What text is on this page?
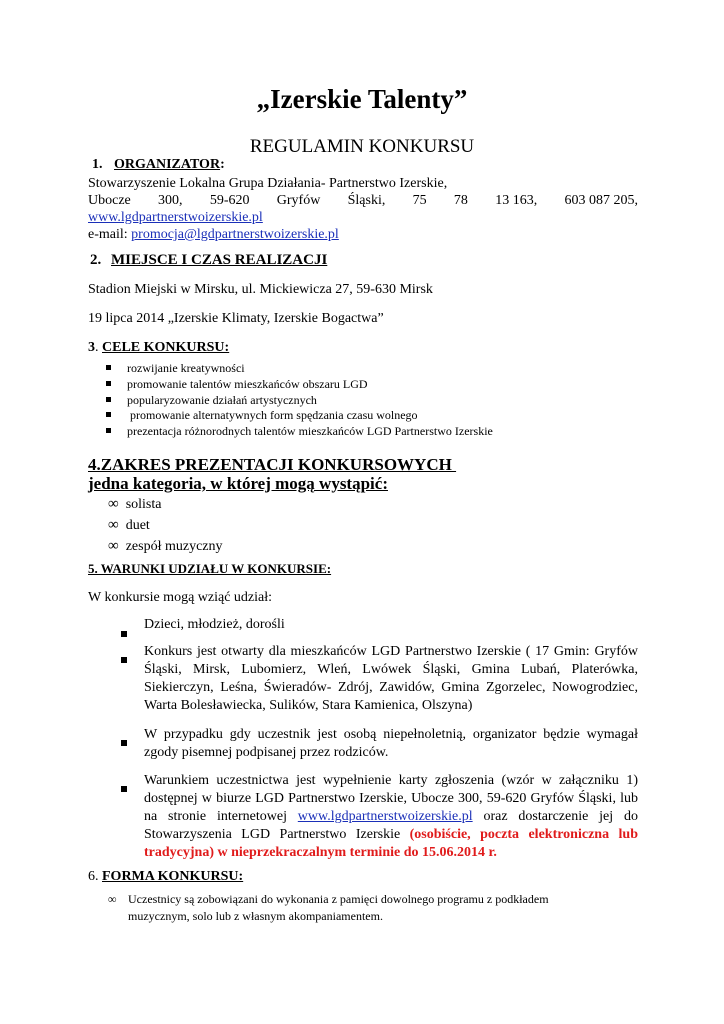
„Izerskie Talenty”
REGULAMIN KONKURSU
1. ORGANIZATOR:
Stowarzyszenie Lokalna Grupa Działania- Partnerstwo Izerskie,
Ubocze 300, 59-620 Gryfów Śląski, 75 78 13 163, 603 087 205,
www.lgdpartnerstwoizerskie.pl
e-mail: promocja@lgdpartnerstwoizerskie.pl
2. MIEJSCE I CZAS REALIZACJI
Stadion Miejski w Mirsku, ul. Mickiewicza 27, 59-630 Mirsk
19 lipca 2014 „Izerskie Klimaty, Izerskie Bogactwa”
3. CELE KONKURSU:
rozwijanie kreatywności
promowanie talentów mieszkańców obszaru LGD
popularyzowanie działań artystycznych
promowanie alternatywnych form spędzania czasu wolnego
prezentacja różnorodnych talentów mieszkańców LGD Partnerstwo Izerskie
4.ZAKRES PREZENTACJI KONKURSOWYCH
jedna kategoria, w której mogą wystąpić:
∞ solista
∞ duet
∞ zespół muzyczny
5. WARUNKI UDZIAŁU W KONKURSIE:
W konkursie mogą wziąć udział:
Dzieci, młodzież, dorośli
Konkurs jest otwarty dla mieszkańców LGD Partnerstwo Izerskie ( 17 Gmin: Gryfów Śląski, Mirsk, Lubomierz, Wleń, Lwówek Śląski, Gmina Lubań, Platerówka, Siekierczyn, Leśna, Świeradów- Zdrój, Zawidów, Gmina Zgorzelec, Nowogrodziec, Warta Bolesławiecka, Sulików, Stara Kamienica, Olszyna)
W przypadku gdy uczestnik jest osobą niepełnoletnią, organizator będzie wymagał zgody pisemnej podpisanej przez rodziców.
Warunkiem uczestnictwa jest wypełnienie karty zgłoszenia (wzór w załączniku 1) dostępnej w biurze LGD Partnerstwo Izerskie, Ubocze 300, 59-620 Gryfów Śląski, lub na stronie internetowej www.lgdpartnerstwoizerskie.pl oraz dostarczenie jej do Stowarzyszenia LGD Partnerstwo Izerskie (osobiście, poczta elektroniczna lub tradycyjna) w nieprzekraczalnym terminie do 15.06.2014 r.
6. FORMA KONKURSU:
∞ Uczestnicy są zobowiązani do wykonania z pamięci dowolnego programu z podkładem muzycznym, solo lub z własnym akompaniamentem.
